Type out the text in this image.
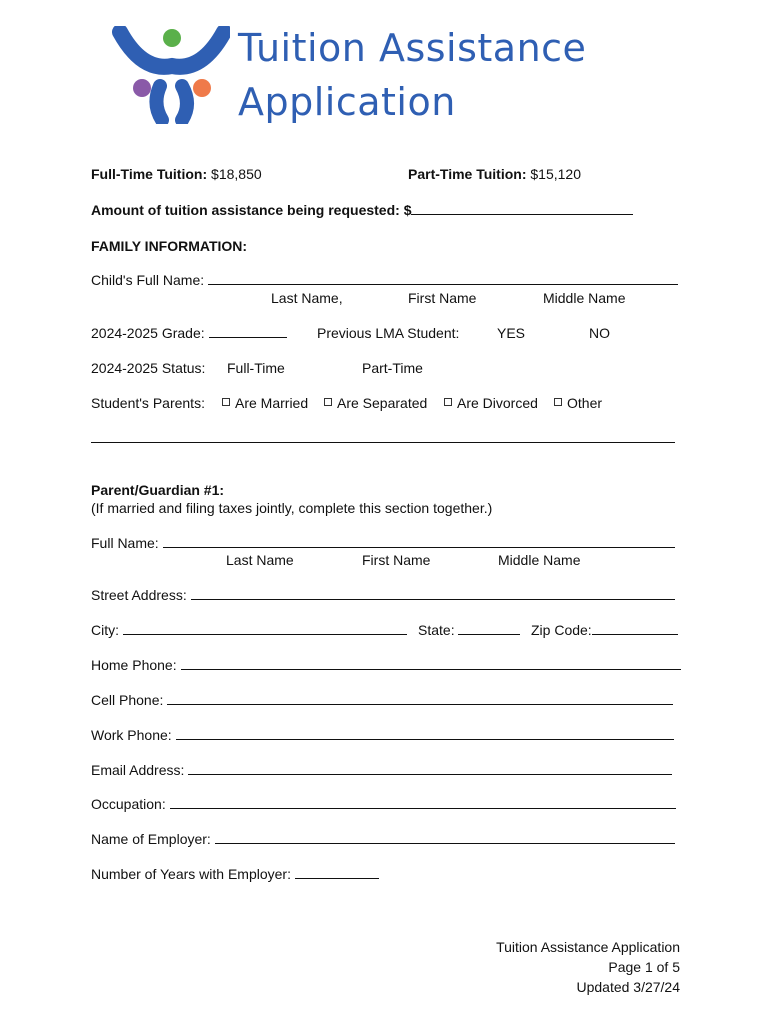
Tuition Assistance
Application
Full-Time Tuition: $18,850	Part-Time Tuition: $15,120
Amount of tuition assistance being requested: $
FAMILY INFORMATION:
Child's Full Name:
Last Name,	First Name	Middle Name
2024-2025 Grade:	Previous LMA Student:	YES	NO
2024-2025 Status: Full-Time	Part-Time
Student's Parents:	Are Married	Are Separated	Are Divorced	Other
Parent/Guardian #1:
(If married and filing taxes jointly, complete this section together.)
Full Name:
Last Name	First Name	Middle Name
Street Address:
City:	State:	Zip Code:
Home Phone:
Cell Phone:
Work Phone:
Email Address:
Occupation:
Name of Employer:
Number of Years with Employer:
Tuition Assistance Application
Page 1 of 5
Updated 3/27/24
